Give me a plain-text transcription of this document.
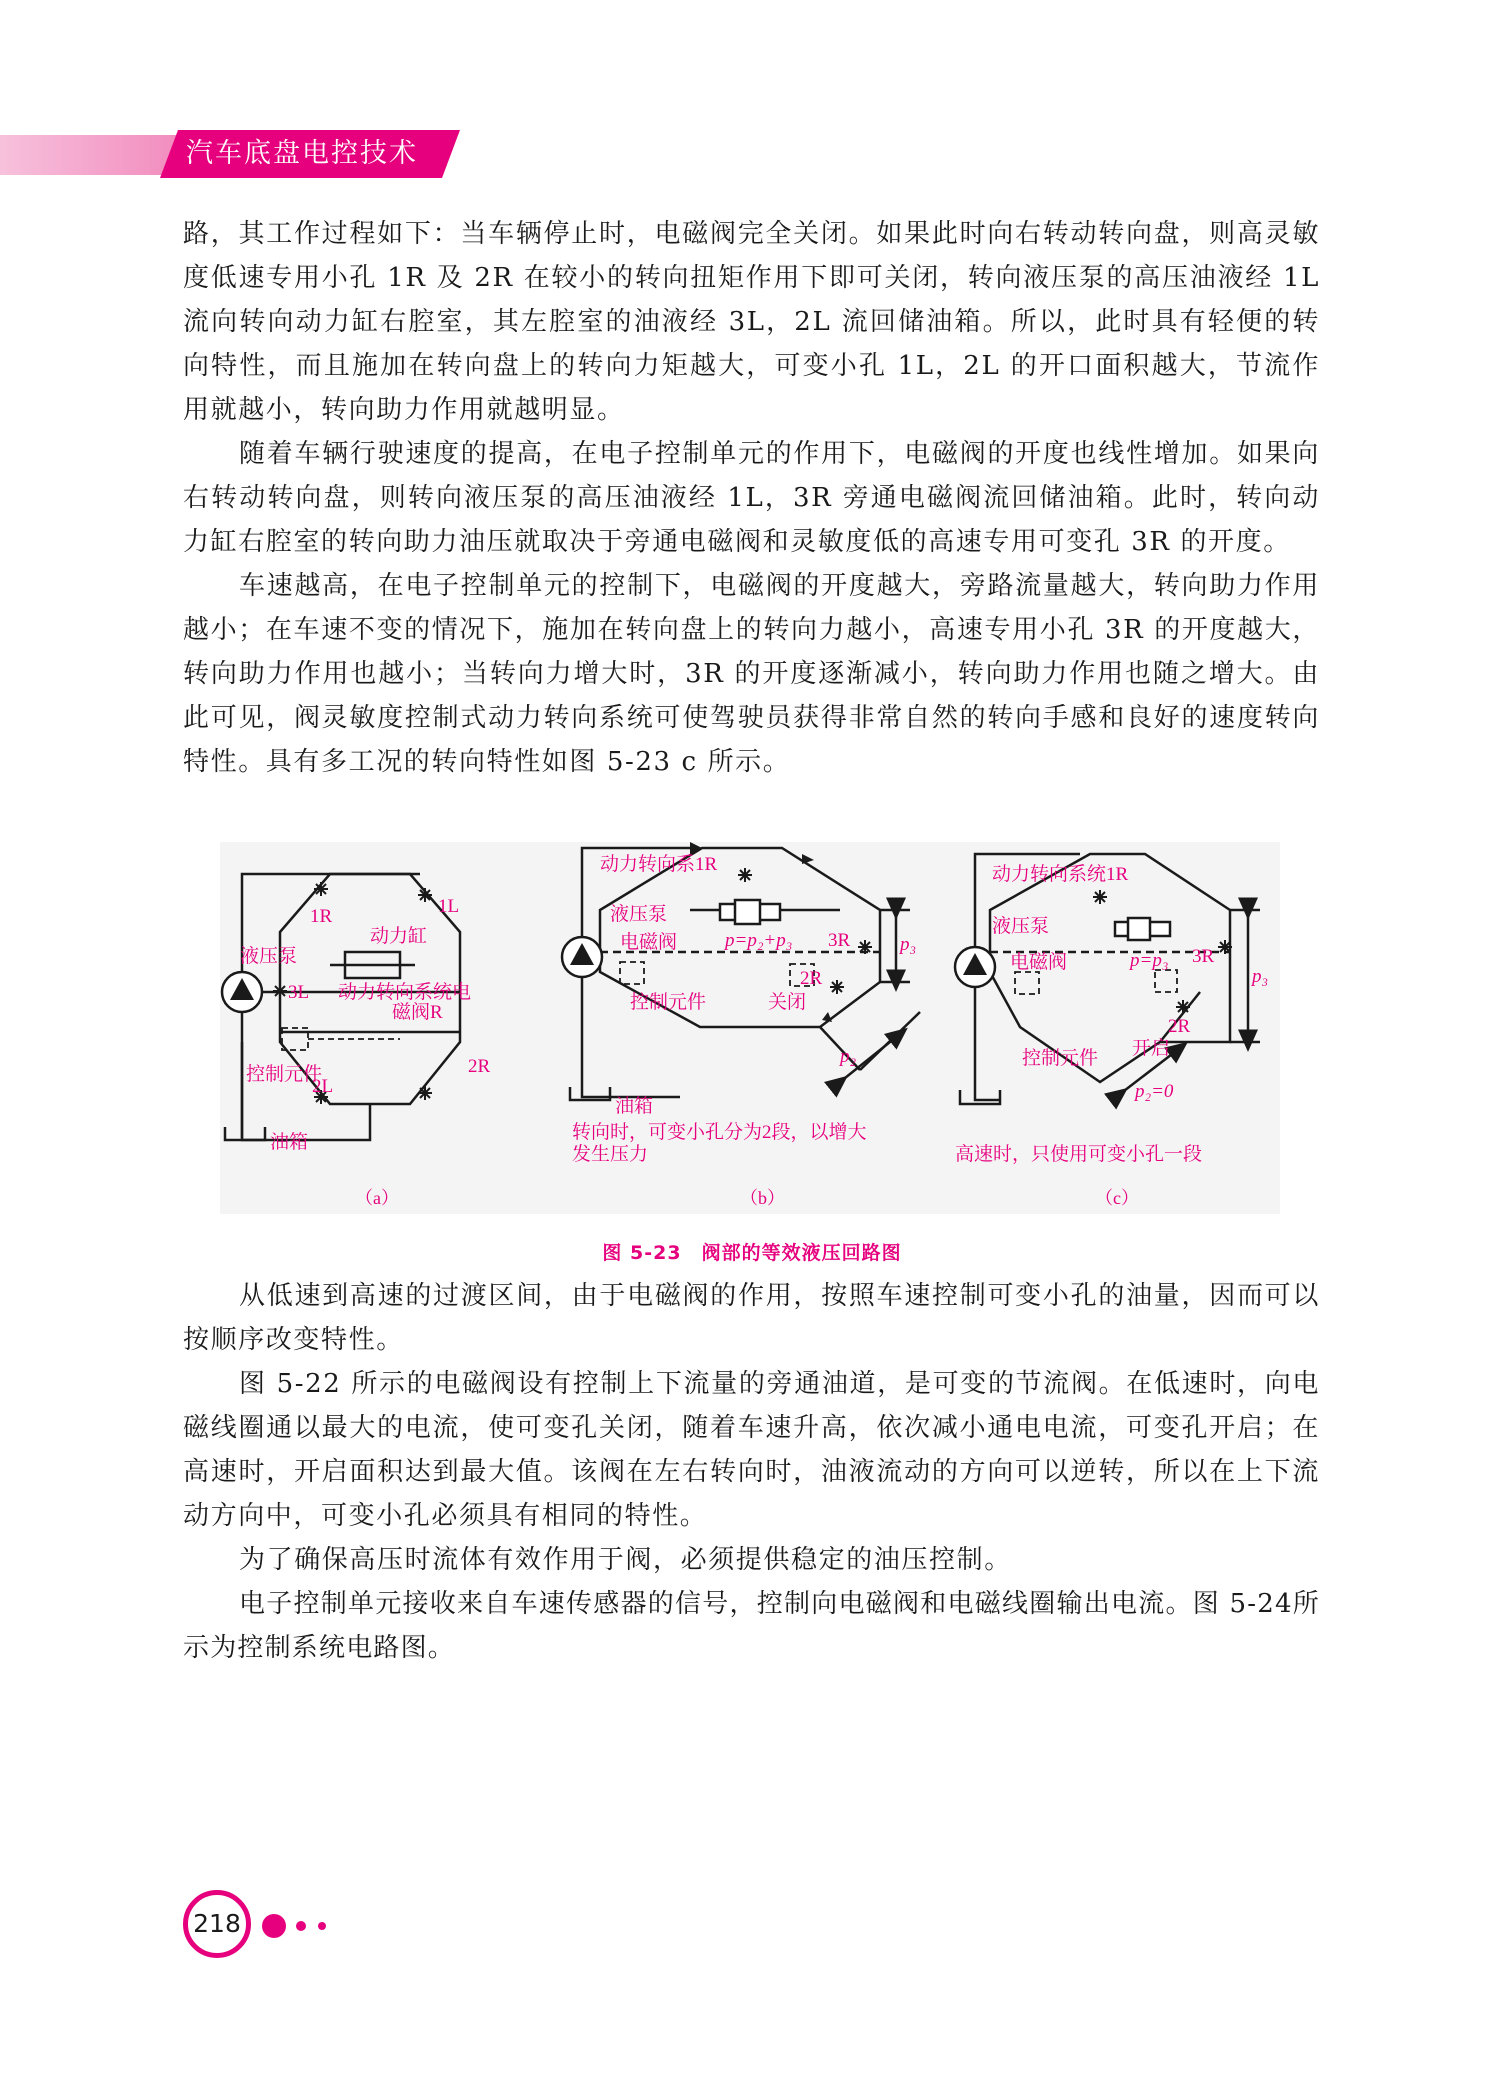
汽车底盘电控技术

路，其工作过程如下：当车辆停止时，电磁阀完全关闭。如果此时向右转动转向盘，则高灵敏度低速专用小孔 1R 及 2R 在较小的转向扭矩作用下即可关闭，转向液压泵的高压油液经 1L 流向转向动力缸右腔室，其左腔室的油液经 3L，2L 流回储油箱。所以，此时具有轻便的转向特性，而且施加在转向盘上的转向力矩越大，可变小孔 1L，2L 的开口面积越大，节流作用就越小，转向助力作用就越明显。

随着车辆行驶速度的提高，在电子控制单元的作用下，电磁阀的开度也线性增加。如果向右转动转向盘，则转向液压泵的高压油液经 1L，3R 旁通电磁阀流回储油箱。此时，转向动力缸右腔室的转向助力油压就取决于旁通电磁阀和灵敏度低的高速专用可变孔 3R 的开度。

车速越高，在电子控制单元的控制下，电磁阀的开度越大，旁路流量越大，转向助力作用越小；在车速不变的情况下，施加在转向盘上的转向力越小，高速专用小孔 3R 的开度越大，转向助力作用也越小；当转向力增大时，3R 的开度逐渐减小，转向助力作用也随之增大。由此可见，阀灵敏度控制式动力转向系统可使驾驶员获得非常自然的转向手感和良好的速度转向特性。具有多工况的转向特性如图 5-23 c 所示。

1R	1L
动力缸
液压泵
3L 动力转向系统电
磁阀R
控制元件
2L
2R
油箱
（a）
动力转向系1R
液压泵
电磁阀	p=p₂+p₃ 3R	p₃
2R
控制元件	关闭
p₂
油箱
转向时，可变小孔分为2段，以增大
发生压力
（b）
动力转向系统1R
液压泵
电磁阀	p=p₃ 3R
p₃
2R
控制元件 开启
p₂=0
高速时，只使用可变小孔一段
（c）
图 5-23　阀部的等效液压回路图

从低速到高速的过渡区间，由于电磁阀的作用，按照车速控制可变小孔的油量，因而可以按顺序改变特性。

图 5-22 所示的电磁阀设有控制上下流量的旁通油道，是可变的节流阀。在低速时，向电磁线圈通以最大的电流，使可变孔关闭，随着车速升高，依次减小通电电流，可变孔开启；在高速时，开启面积达到最大值。该阀在左右转向时，油液流动的方向可以逆转，所以在上下流动方向中，可变小孔必须具有相同的特性。

为了确保高压时流体有效作用于阀，必须提供稳定的油压控制。

电子控制单元接收来自车速传感器的信号，控制向电磁阀和电磁线圈输出电流。图 5-24所示为控制系统电路图。

218
